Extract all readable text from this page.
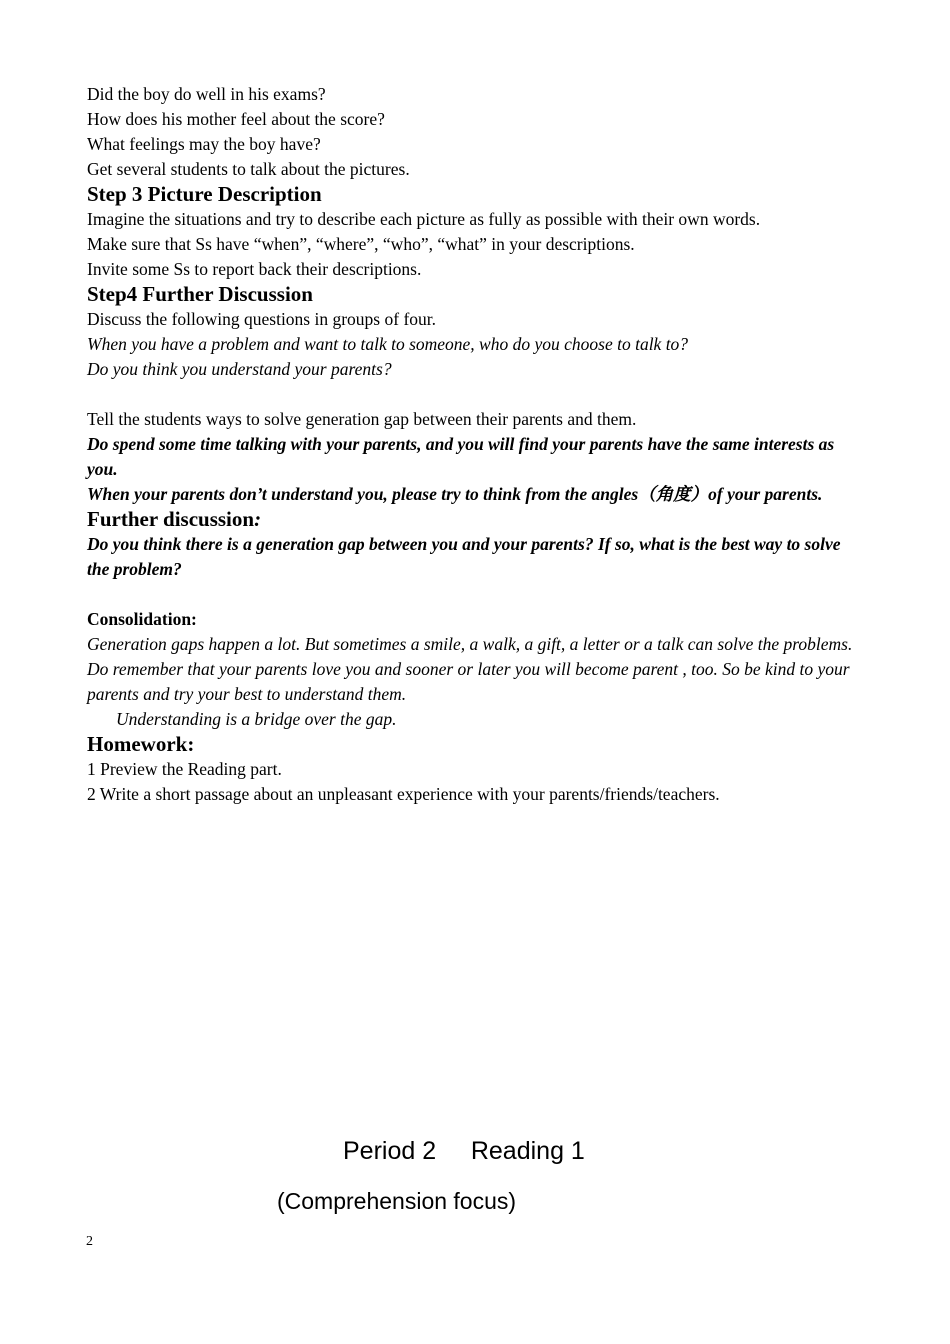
Did the boy do well in his exams?
How does his mother feel about the score?
What feelings may the boy have?
Get several students to talk about the pictures.
Step 3 Picture Description
Imagine the situations and try to describe each picture as fully as possible with their own words.
Make sure that Ss have “when”, “where”, “who”, “what” in your descriptions.
Invite some Ss to report back their descriptions.
Step4 Further Discussion
Discuss the following questions in groups of four.
When you have a problem and want to talk to someone, who do you choose to talk to?
Do you think you understand your parents?
Tell the students ways to solve generation gap between their parents and them.
Do spend some time talking with your parents, and you will find your parents have the same interests as you.
When your parents don’t understand you, please try to think from the angles（角度）of your parents.
Further discussion:
Do you think there is a generation gap between you and your parents? If so, what is the best way to solve the problem?
Consolidation:
Generation gaps happen a lot. But sometimes a smile, a walk, a gift, a letter or a talk can solve the problems. Do remember that your parents love you and sooner or later you will become parent , too. So be kind to your parents and try your best to understand them.
Understanding is a bridge over the gap.
Homework:
1 Preview the Reading part.
2 Write a short passage about an unpleasant experience with your parents/friends/teachers.
Period 2     Reading 1
(Comprehension focus)
2
